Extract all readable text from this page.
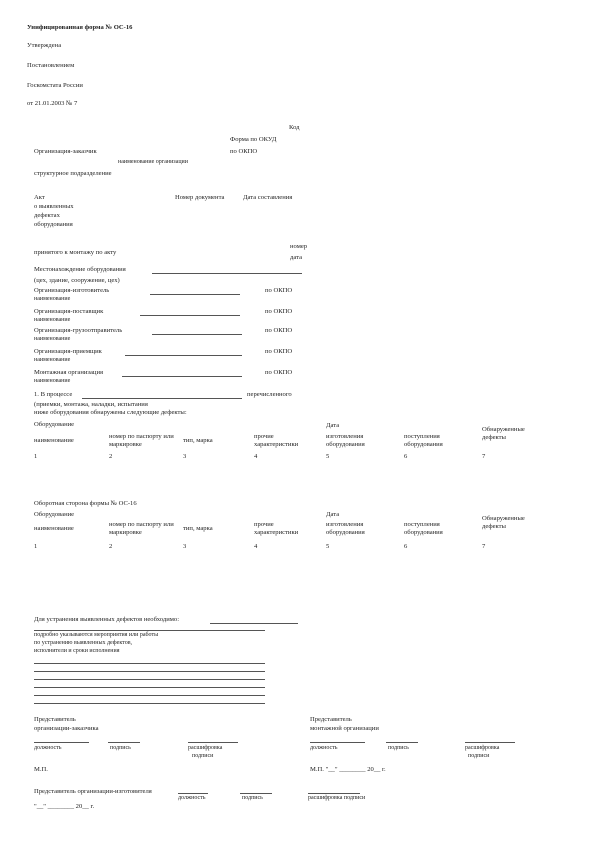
Унифицированная форма № ОС-16
Утверждена
Постановлением
Госкомстата России
от 21.01.2003 № 7
Код
Форма по ОКУД
по ОКПО
Организация-заказчик
наименование организации
структурное подразделение
Акт
о выявленных
дефектах
оборудования
Номер документа	Дата составления
принятого к монтажу по акту
номер
дата
Местонахождение оборудования
(цех, здание, сооружение, цех)
Организация-изготовитель
наименование
по ОКПО
Организация-поставщик
наименование
по ОКПО
Организация-грузоотправитель
наименование
по ОКПО
Организация-приемщик
наименование
по ОКПО
Монтажная организация
наименование
по ОКПО
1. В процессе	перечисленного
(приемки, монтажа, наладки, испытания
ниже оборудования обнаружены следующие дефекты:
Оборудование
наименование
номер по паспорту или маркировке
тип, марка
прочие характеристики
Дата
изготовления оборудования
поступления оборудования
Обнаруженные дефекты
1	2	3	4	5	6	7
Оборотная сторона формы № ОС-16
Оборудование
наименование
номер по паспорту или маркировке
тип, марка
прочие характеристики
Дата
изготовления оборудования
поступления оборудования
Обнаруженные дефекты
1	2	3	4	5	6	7
Для устранения выявленных дефектов необходимо:
подробно указываются мероприятия или работы
по устранению выявленных дефектов,
исполнители и сроки исполнения
Представитель
организации-заказчика
должность	подпись	расшифровка
подписи
М.П.
Представитель
монтажной организации
должность	подпись	расшифровка
подписи
М.П. "__" ________ 20__ г.
Представитель организации-изготовителя
должность	подпись	расшифровка подписи
"__" ________ 20__ г.
